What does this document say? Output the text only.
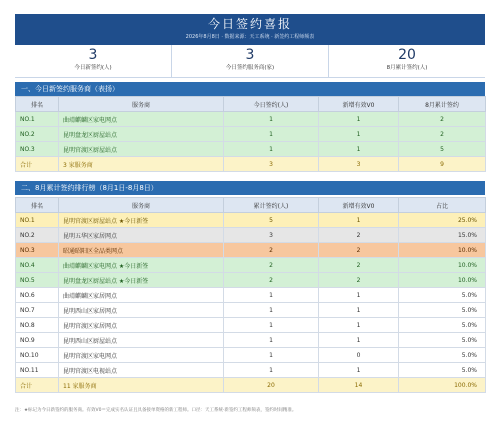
今日签约喜报
2026年8月8日 · 数据来源：天工系统 · 新签约工程师频表
3
今日新签约(人)
3
今日签约服务商(家)
20
8月累计签约(人)
一、今日新签约服务商（表扬）
排名	服务商	今日签约(人)	新增有效V0	8月累计签约
NO.1	曲靖麒麟区家电网点	1	1	2
NO.2	昆明盘龙区厨屋站点	1	1	2
NO.3	昆明官渡区厨屋站点	1	1	5
合计	3 家服务商	3	3	9
二、8月累计签约排行榜（8月1日-8月8日）
排名	服务商	累计签约(人)	新增有效V0	占比
NO.1	昆明官渡区厨屋站点 ★今日新签	5	1	25.0%
NO.2	昆明五华区家居网点	3	2	15.0%
NO.3	昭通昭阳区全品类网点	2	2	10.0%
NO.4	曲靖麒麟区家电网点 ★今日新签	2	2	10.0%
NO.5	昆明盘龙区厨屋站点 ★今日新签	2	2	10.0%
NO.6	曲靖麒麟区家居网点	1	1	5.0%
NO.7	昆明西山区家居网点	1	1	5.0%
NO.8	昆明官渡区家居网点	1	1	5.0%
NO.9	昆明西山区厨屋站点	1	1	5.0%
NO.10	昆明官渡区家电网点	1	0	5.0%
NO.11	昆明官渡区电视站点	1	1	5.0%
合计	11 家服务商	20	14	100.0%
注：★标记为今日新签约的服务商。有效V0＝完成实名认证且具备接单资格的新工程师。口径：天工系统·新签约工程师频表，签约时间精准。
